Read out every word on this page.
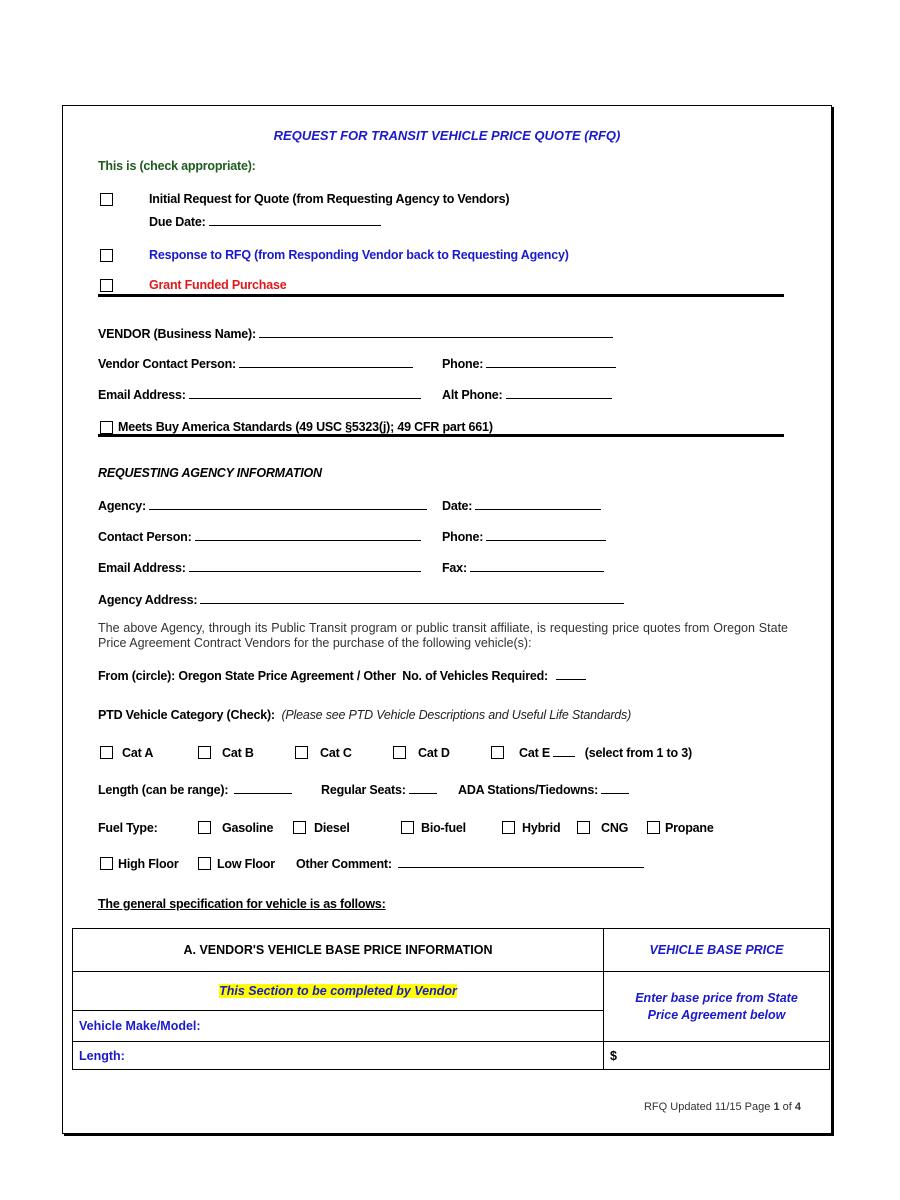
REQUEST FOR TRANSIT VEHICLE PRICE QUOTE (RFQ)
This is (check appropriate):
Initial Request for Quote (from Requesting Agency to Vendors)
Due Date:
Response to RFQ (from Responding Vendor back to Requesting Agency)
Grant Funded Purchase
VENDOR (Business Name):
Vendor Contact Person:	Phone:
Email Address:	Alt Phone:
Meets Buy America Standards (49 USC §5323(j); 49 CFR part 661)
REQUESTING AGENCY INFORMATION
Agency:	Date:
Contact Person:	Phone:
Email Address:	Fax:
Agency Address:
The above Agency, through its Public Transit program or public transit affiliate, is requesting price quotes from Oregon State Price Agreement Contract Vendors for the purchase of the following vehicle(s):
From (circle): Oregon State Price Agreement / Other No. of Vehicles Required:
PTD Vehicle Category (Check): (Please see PTD Vehicle Descriptions and Useful Life Standards)
Cat A	Cat B	Cat C	Cat D	Cat E	(select from 1 to 3)
Length (can be range):	Regular Seats:	ADA Stations/Tiedowns:
Fuel Type:	Gasoline	Diesel	Bio-fuel	Hybrid	CNG	Propane
High Floor	Low Floor Other Comment:
The general specification for vehicle is as follows:
A. VENDOR'S VEHICLE BASE PRICE INFORMATION	VEHICLE BASE PRICE
This Section to be completed by Vendor	Enter base price from State Price Agreement below
Vehicle Make/Model:	
Length:	$
RFQ Updated 11/15 Page 1 of 4
